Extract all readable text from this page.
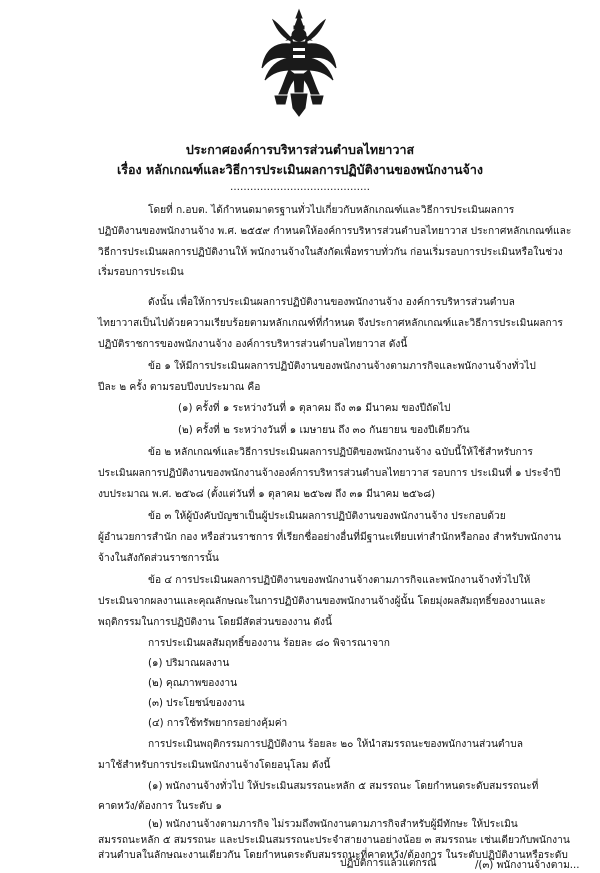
ประกาศองค์การบริหารส่วนตำบลไทยาวาส
เรื่อง หลักเกณฑ์และวิธีการประเมินผลการปฏิบัติงานของพนักงานจ้าง
……………………………………
โดยที่ ก.อบต. ได้กำหนดมาตรฐานทั่วไปเกี่ยวกับหลักเกณฑ์และวิธีการประเมินผลการ
ปฏิบัติงานของพนักงานจ้าง พ.ศ. ๒๕๕๙ กำหนดให้องค์การบริหารส่วนตำบลไทยาวาส ประกาศหลักเกณฑ์และ
วิธีการประเมินผลการปฏิบัติงานให้ พนักงานจ้างในสังกัดเพื่อทราบทั่วกัน ก่อนเริ่มรอบการประเมินหรือในช่วง
เริ่มรอบการประเมิน
ดังนั้น เพื่อให้การประเมินผลการปฏิบัติงานของพนักงานจ้าง องค์การบริหารส่วนตำบล
ไทยาวาสเป็นไปด้วยความเรียบร้อยตามหลักเกณฑ์ที่กำหนด จึงประกาศหลักเกณฑ์และวิธีการประเมินผลการ
ปฏิบัติราชการของพนักงานจ้าง องค์การบริหารส่วนตำบลไทยาวาส ดังนี้
ข้อ ๑ ให้มีการประเมินผลการปฏิบัติงานของพนักงานจ้างตามภารกิจและพนักงานจ้างทั่วไป
ปีละ ๒ ครั้ง ตามรอบปีงบประมาณ คือ
(๑) ครั้งที่ ๑ ระหว่างวันที่ ๑ ตุลาคม ถึง ๓๑ มีนาคม ของปีถัดไป
(๒) ครั้งที่ ๒ ระหว่างวันที่ ๑ เมษายน ถึง ๓๐ กันยายน ของปีเดียวกัน
ข้อ ๒ หลักเกณฑ์และวิธีการประเมินผลการปฏิบัติของพนักงานจ้าง ฉบับนี้ให้ใช้สำหรับการ
ประเมินผลการปฏิบัติงานของพนักงานจ้างองค์การบริหารส่วนตำบลไทยาวาส รอบการ ประเมินที่ ๑ ประจำปี
งบประมาณ พ.ศ. ๒๕๖๘ (ตั้งแต่วันที่ ๑ ตุลาคม ๒๕๖๗ ถึง ๓๑ มีนาคม ๒๕๖๘)
ข้อ ๓ ให้ผู้บังคับบัญชาเป็นผู้ประเมินผลการปฏิบัติงานของพนักงานจ้าง ประกอบด้วย
ผู้อำนวยการสำนัก กอง หรือส่วนราชการ ที่เรียกชื่ออย่างอื่นที่มีฐานะเทียบเท่าสำนักหรือกอง สำหรับพนักงาน
จ้างในสังกัดส่วนราชการนั้น
ข้อ ๔ การประเมินผลการปฏิบัติงานของพนักงานจ้างตามภารกิจและพนักงานจ้างทั่วไปให้
ประเมินจากผลงานและคุณลักษณะในการปฏิบัติงานของพนักงานจ้างผู้นั้น โดยมุ่งผลสัมฤทธิ์ของงานและ
พฤติกรรมในการปฏิบัติงาน โดยมีสัดส่วนของงาน ดังนี้
การประเมินผลสัมฤทธิ์ของงาน ร้อยละ ๘๐ พิจารณาจาก
(๑) ปริมาณผลงาน
(๒) คุณภาพของงาน
(๓) ประโยชน์ของงาน
(๔) การใช้ทรัพยากรอย่างคุ้มค่า
การประเมินพฤติกรรมการปฏิบัติงาน ร้อยละ ๒๐ ให้นำสมรรถนะของพนักงานส่วนตำบล
มาใช้สำหรับการประเมินพนักงานจ้างโดยอนุโลม ดังนี้
(๑) พนักงานจ้างทั่วไป ให้ประเมินสมรรถนะหลัก ๕ สมรรถนะ โดยกำหนดระดับสมรรถนะที่
คาดหวัง/ต้องการ ในระดับ ๑
(๒) พนักงานจ้างตามภารกิจ ไม่รวมถึงพนักงานตามภารกิจสำหรับผู้มีทักษะ ให้ประเมิน
สมรรถนะหลัก ๕ สมรรถนะ และประเมินสมรรถนะประจำสายงานอย่างน้อย ๓ สมรรถนะ เช่นเดียวกับพนักงาน
ส่วนตำบลในลักษณะงานเดียวกัน โดยกำหนดระดับสมรรถนะที่คาดหวัง/ต้องการ ในระดับปฏิบัติงานหรือระดับ
ปฏิบัติการแล้วแต่กรณี	/(๓) พนักงานจ้างตาม...
